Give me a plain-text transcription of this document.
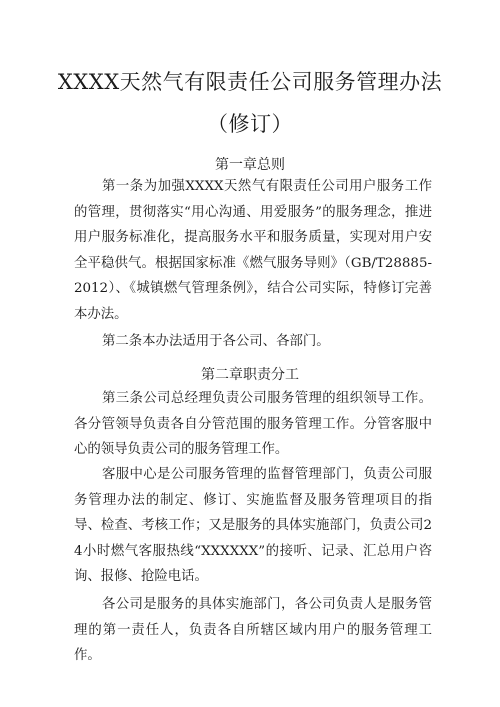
XXXX天然气有限责任公司服务管理办法
（修订）
第一章总则
第一条为加强XXXX天然气有限责任公司用户服务工作的管理，贯彻落实“用心沟通、用爱服务”的服务理念，推进用户服务标准化，提高服务水平和服务质量，实现对用户安全平稳供气。根据国家标准《燃气服务导则》（GB/T28885-2012）、《城镇燃气管理条例》，结合公司实际，特修订完善本办法。
第二条本办法适用于各公司、各部门。
第二章职责分工
第三条公司总经理负责公司服务管理的组织领导工作。各分管领导负责各自分管范围的服务管理工作。分管客服中心的领导负责公司的服务管理工作。
客服中心是公司服务管理的监督管理部门，负责公司服务管理办法的制定、修订、实施监督及服务管理项目的指导、检查、考核工作；又是服务的具体实施部门，负责公司24小时燃气客服热线“XXXXXX”的接听、记录、汇总用户咨询、报修、抢险电话。
各公司是服务的具体实施部门，各公司负责人是服务管理的第一责任人，负责各自所辖区域内用户的服务管理工作。
